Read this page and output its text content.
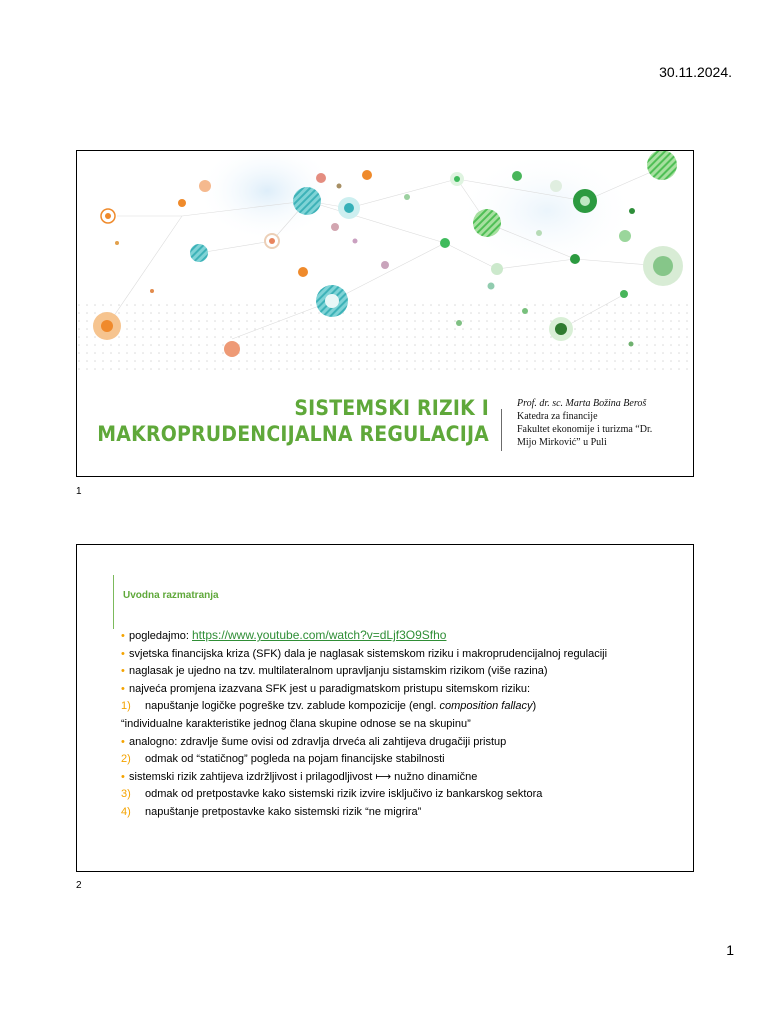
30.11.2024.
SISTEMSKI RIZIK I
MAKROPRUDENCIJALNA REGULACIJA
Prof. dr. sc. Marta Božina Beroš
Katedra za financije
Fakultet ekonomije i turizma “Dr.
Mijo Mirković” u Puli
1
Uvodna razmatranja
• pogledajmo: https://www.youtube.com/watch?v=dLjf3O9Sfho
• svjetska financijska kriza (SFK) dala je naglasak sistemskom riziku i makroprudencijalnoj regulaciji
• naglasak je ujedno na tzv. multilateralnom upravljanju sistamskim rizikom (više razina)
• najveća promjena izazvana SFK jest u paradigmatskom pristupu sitemskom riziku:
1) napuštanje logičke pogreške tzv. zablude kompozicije (engl. composition fallacy)
“individualne karakteristike jednog člana skupine odnose se na skupinu”
• analogno: zdravlje šume ovisi od zdravlja drveća ali zahtijeva drugačiji pristup
2) odmak od “statičnog” pogleda na pojam financijske stabilnosti
• sistemski rizik zahtijeva izdržljivost i prilagodljivost ⟼ nužno dinamične
3) odmak od pretpostavke kako sistemski rizik izvire isključivo iz bankarskog sektora
4) napuštanje pretpostavke kako sistemski rizik “ne migrira”
2
1
